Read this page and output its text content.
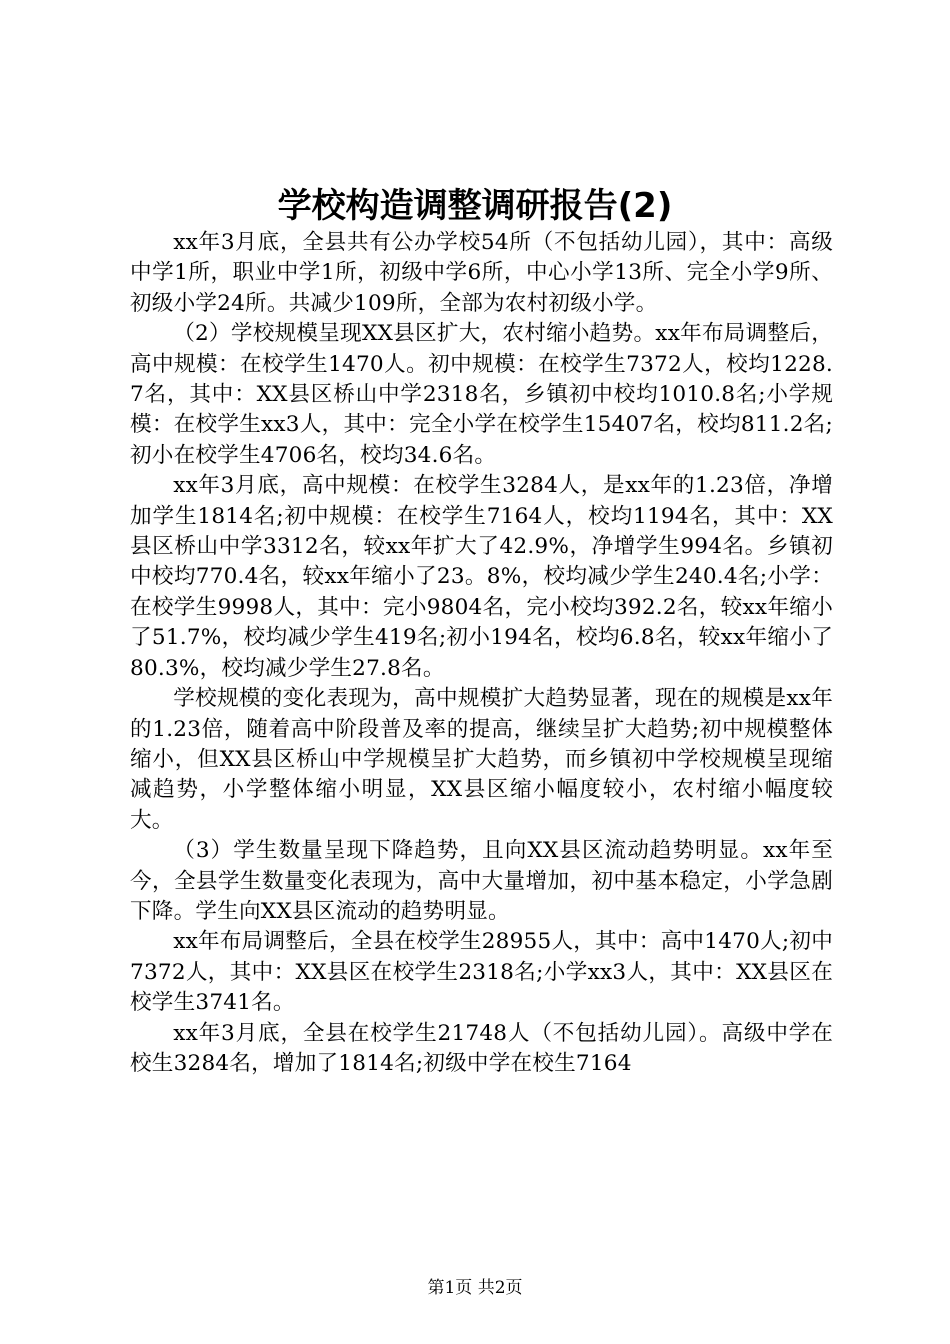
学校构造调整调研报告(2)

xx年3月底，全县共有公办学校54所（不包括幼儿园），其中：高级中学1所，职业中学1所，初级中学6所，中心小学13所、完全小学9所、初级小学24所。共减少109所，全部为农村初级小学。

（2）学校规模呈现XX县区扩大，农村缩小趋势。xx年布局调整后，高中规模：在校学生1470人。初中规模：在校学生7372人，校均1228.7名，其中：XX县区桥山中学2318名，乡镇初中校均1010.8名;小学规模：在校学生xx3人，其中：完全小学在校学生15407名，校均811.2名;初小在校学生4706名，校均34.6名。

xx年3月底，高中规模：在校学生3284人，是xx年的1.23倍，净增加学生1814名;初中规模：在校学生7164人，校均1194名，其中：XX县区桥山中学3312名，较xx年扩大了42.9%，净增学生994名。乡镇初中校均770.4名，较xx年缩小了23。8%，校均减少学生240.4名;小学：在校学生9998人，其中：完小9804名，完小校均392.2名，较xx年缩小了51.7%，校均减少学生419名;初小194名，校均6.8名，较xx年缩小了80.3%，校均减少学生27.8名。

学校规模的变化表现为，高中规模扩大趋势显著，现在的规模是xx年的1.23倍，随着高中阶段普及率的提高，继续呈扩大趋势;初中规模整体缩小，但XX县区桥山中学规模呈扩大趋势，而乡镇初中学校规模呈现缩减趋势，小学整体缩小明显，XX县区缩小幅度较小，农村缩小幅度较大。

（3）学生数量呈现下降趋势，且向XX县区流动趋势明显。xx年至今，全县学生数量变化表现为，高中大量增加，初中基本稳定，小学急剧下降。学生向XX县区流动的趋势明显。

xx年布局调整后，全县在校学生28955人，其中：高中1470人;初中7372人，其中：XX县区在校学生2318名;小学xx3人，其中：XX县区在校学生3741名。

xx年3月底，全县在校学生21748人（不包括幼儿园）。高级中学在校生3284名，增加了1814名;初级中学在校生7164

第1页 共2页
